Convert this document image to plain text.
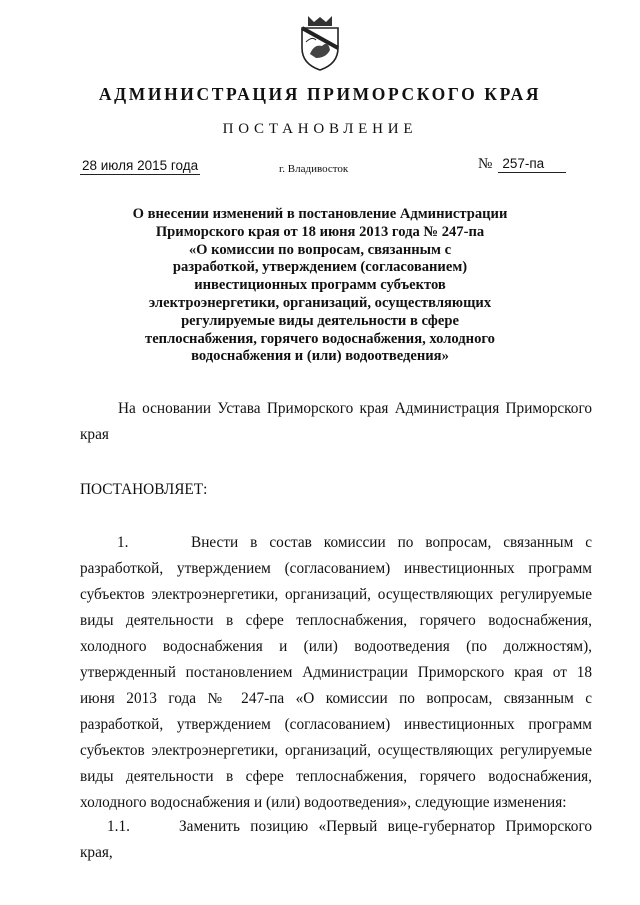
АДМИНИСТРАЦИЯ ПРИМОРСКОГО КРАЯ
ПОСТАНОВЛЕНИЕ
28 июля 2015 года	г. Владивосток	№ 257-па
О внесении изменений в постановление Администрации
Приморского края от 18 июня 2013 года № 247-па
«О комиссии по вопросам, связанным с
разработкой, утверждением (согласованием)
инвестиционных программ субъектов
электроэнергетики, организаций, осуществляющих
регулируемые виды деятельности в сфере
теплоснабжения, горячего водоснабжения, холодного
водоснабжения и (или) водоотведения»

На основании Устава Приморского края Администрация Приморского края

ПОСТАНОВЛЯЕТ:

1.	Внести в состав комиссии по вопросам, связанным с разработкой, утверждением (согласованием) инвестиционных программ субъектов электроэнергетики, организаций, осуществляющих регулируемые виды деятельности в сфере теплоснабжения, горячего водоснабжения, холодного водоснабжения и (или) водоотведения (по должностям), утвержденный постановлением Администрации Приморского края от 18 июня 2013 года № 247-па «О комиссии по вопросам, связанным с разработкой, утверждением (согласованием) инвестиционных программ субъектов электроэнергетики, организаций, осуществляющих регулируемые виды деятельности в сфере теплоснабжения, горячего водоснабжения, холодного водоснабжения и (или) водоотведения», следующие изменения:

1.1.	Заменить позицию «Первый вице-губернатор Приморского края,
